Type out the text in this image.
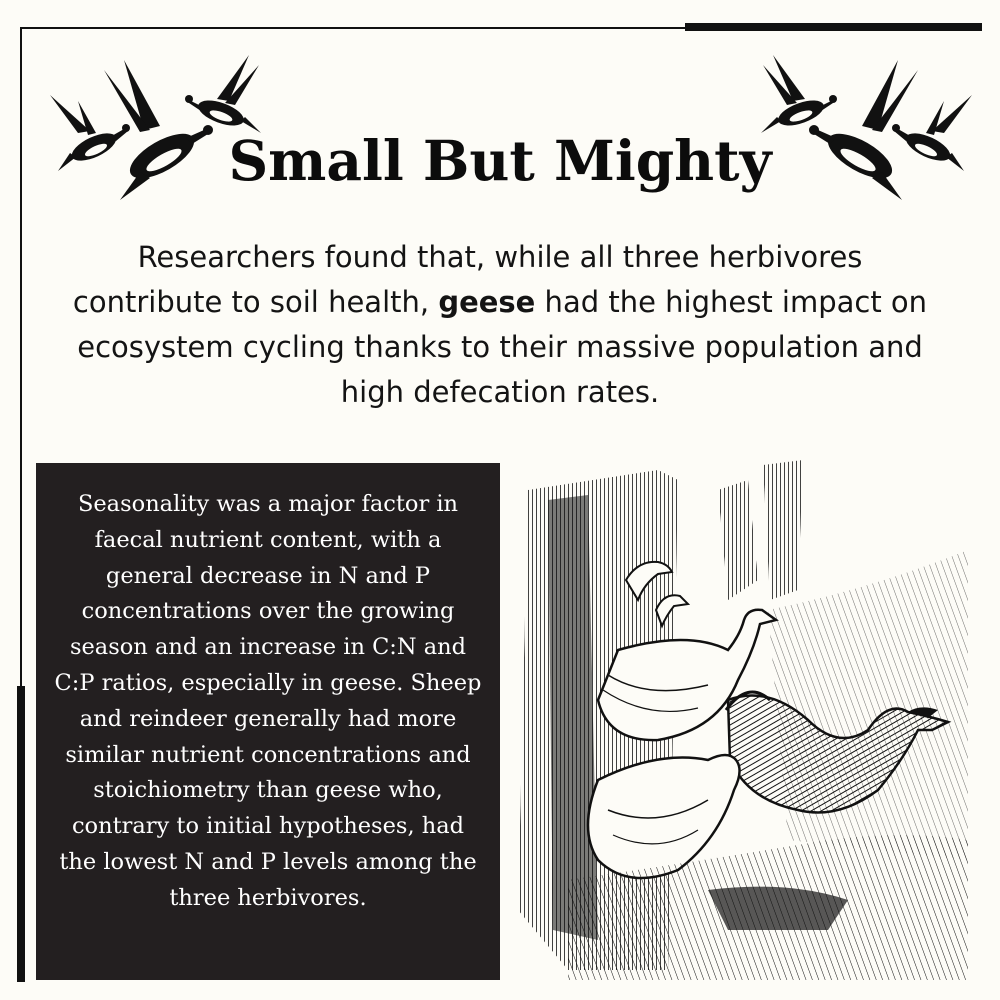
Small But Mighty

Researchers found that, while all three herbivores contribute to soil health, geese had the highest impact on ecosystem cycling thanks to their massive population and high defecation rates.

Seasonality was a major factor in faecal nutrient content, with a general decrease in N and P concentrations over the growing season and an increase in C:N and C:P ratios, especially in geese. Sheep and reindeer generally had more similar nutrient concentrations and stoichiometry than geese who, contrary to initial hypotheses, had the lowest N and P levels among the three herbivores.
